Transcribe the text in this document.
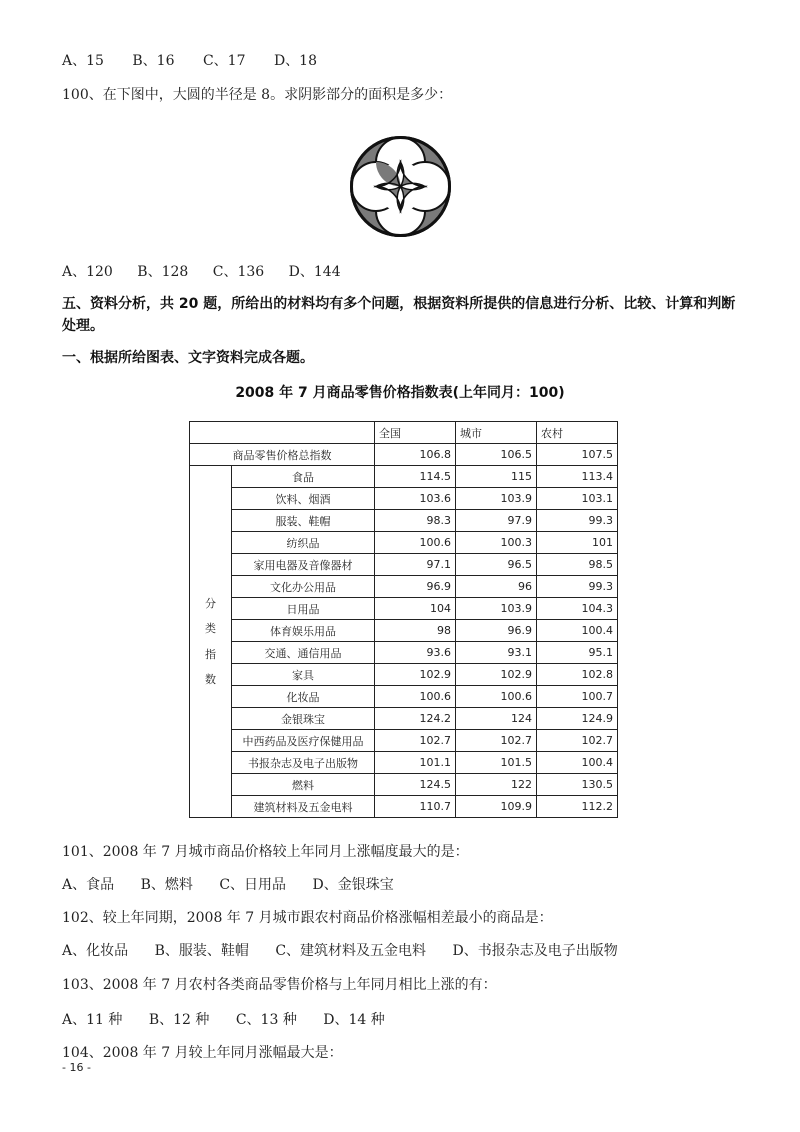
A、15 B、16 C、17 D、18
100、在下图中，大圆的半径是 8。求阴影部分的面积是多少：
A、120 B、128 C、136 D、144
五、资料分析，共 20 题，所给出的材料均有多个问题，根据资料所提供的信息进行分析、比较、计算和判断
处理。
一、根据所给图表、文字资料完成各题。
2008 年 7 月商品零售价格指数表(上年同月：100)
		全国	城市	农村
商品零售价格总指数		106.8	106.5	107.5

分
类
指
数	食品	114.5	115	113.4
	饮料、烟酒	103.6	103.9	103.1
	服装、鞋帽	98.3	97.9	99.3
	纺织品	100.6	100.3	101
	家用电器及音像器材	97.1	96.5	98.5
	文化办公用品	96.9	96	99.3
	日用品	104	103.9	104.3
	体育娱乐用品	98	96.9	100.4
	交通、通信用品	93.6	93.1	95.1
	家具	102.9	102.9	102.8
	化妆品	100.6	100.6	100.7
	金银珠宝	124.2	124	124.9
	中西药品及医疗保健用品	102.7	102.7	102.7
	书报杂志及电子出版物	101.1	101.5	100.4
	燃料	124.5	122	130.5
	建筑材料及五金电料	110.7	109.9	112.2
101、2008 年 7 月城市商品价格较上年同月上涨幅度最大的是：
A、食品 B、燃料 C、日用品 D、金银珠宝
102、较上年同期，2008 年 7 月城市跟农村商品价格涨幅相差最小的商品是：
A、化妆品 B、服装、鞋帽 C、建筑材料及五金电料 D、书报杂志及电子出版物
103、2008 年 7 月农村各类商品零售价格与上年同月相比上涨的有：
A、11 种 B、12 种 C、13 种 D、14 种
104、2008 年 7 月较上年同月涨幅最大是：
- 16 -
